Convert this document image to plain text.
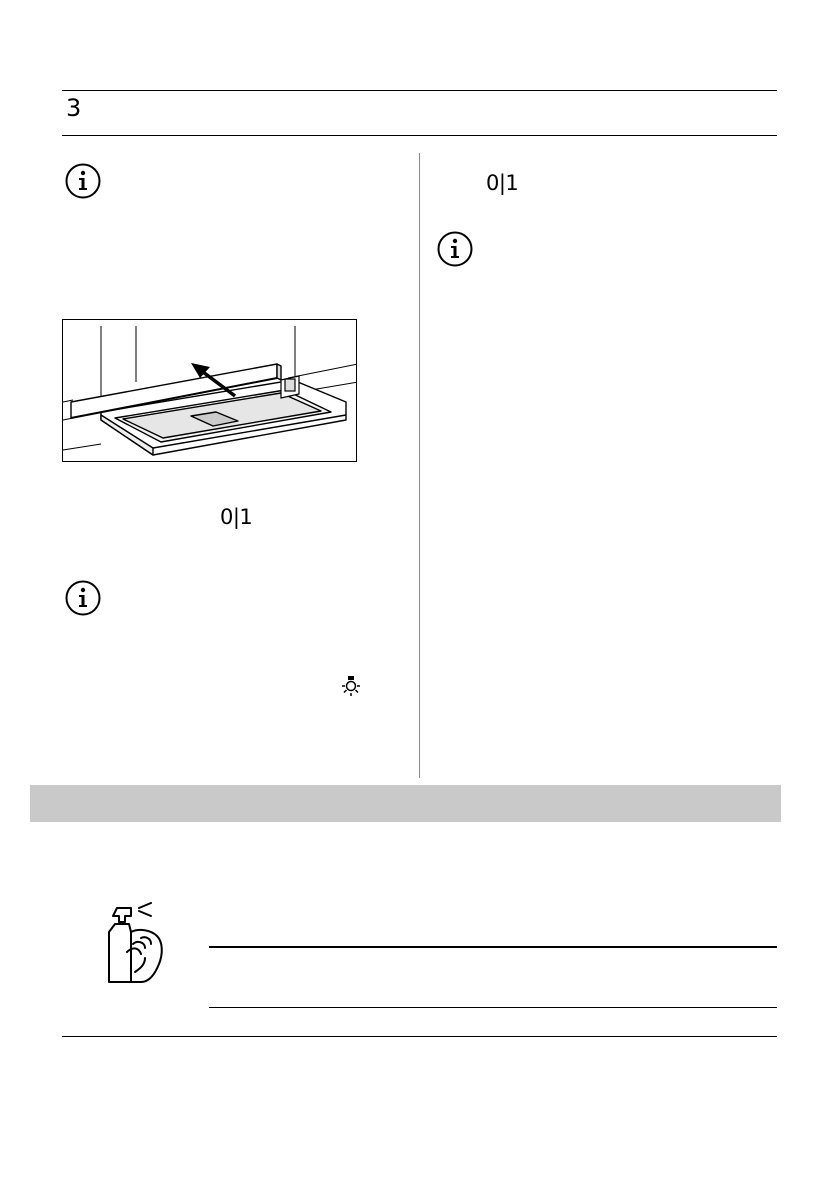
3
0|1
0|1
